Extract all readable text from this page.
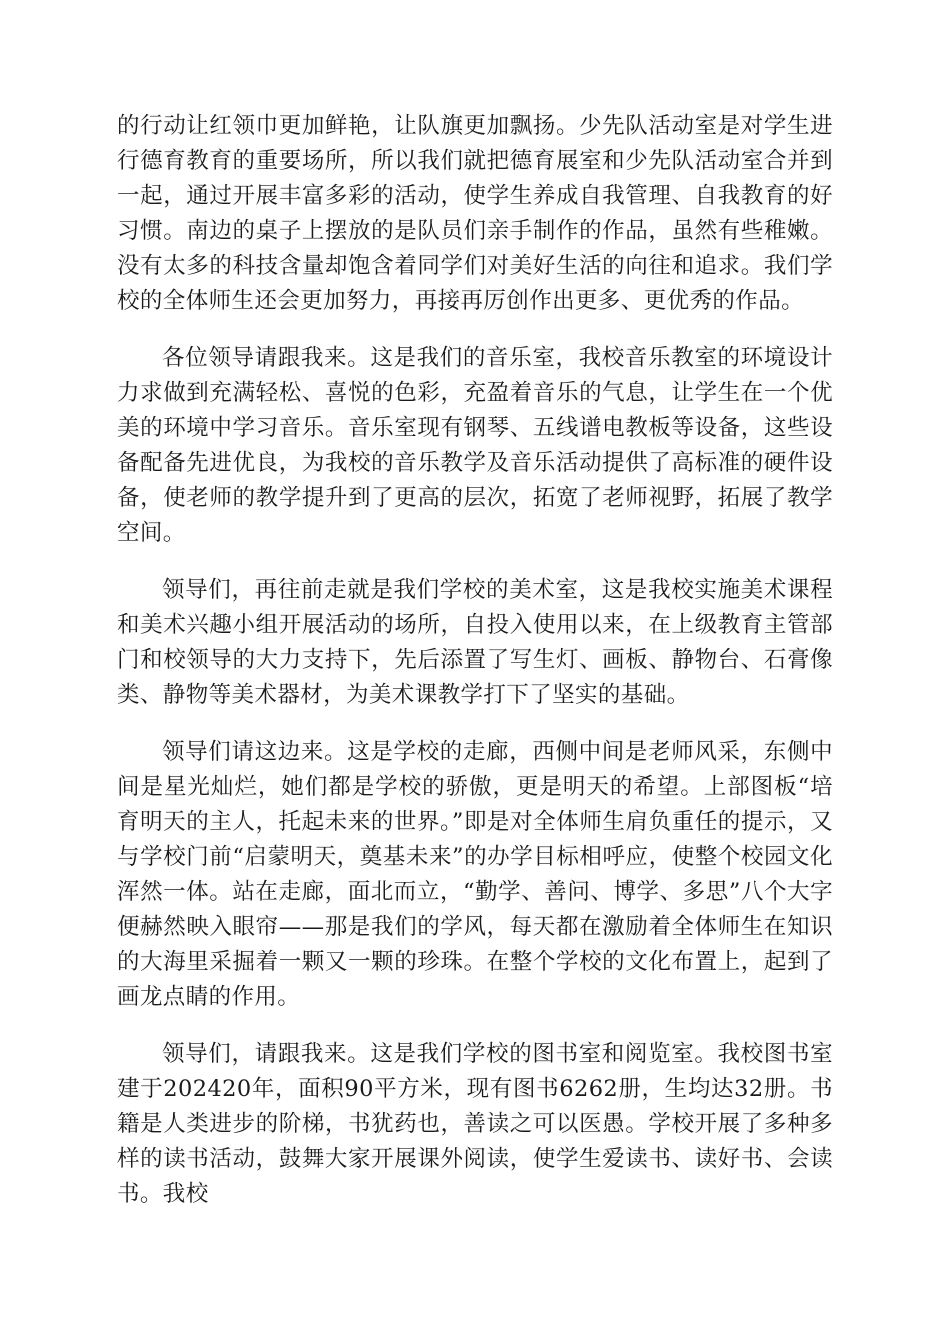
的行动让红领巾更加鲜艳，让队旗更加飘扬。少先队活动室是对学生进行德育教育的重要场所，所以我们就把德育展室和少先队活动室合并到一起，通过开展丰富多彩的活动，使学生养成自我管理、自我教育的好习惯。南边的桌子上摆放的是队员们亲手制作的作品，虽然有些稚嫩。没有太多的科技含量却饱含着同学们对美好生活的向往和追求。我们学校的全体师生还会更加努力，再接再厉创作出更多、更优秀的作品。

各位领导请跟我来。这是我们的音乐室，我校音乐教室的环境设计力求做到充满轻松、喜悦的色彩，充盈着音乐的气息，让学生在一个优美的环境中学习音乐。音乐室现有钢琴、五线谱电教板等设备，这些设备配备先进优良，为我校的音乐教学及音乐活动提供了高标准的硬件设备，使老师的教学提升到了更高的层次，拓宽了老师视野，拓展了教学空间。

领导们，再往前走就是我们学校的美术室，这是我校实施美术课程和美术兴趣小组开展活动的场所，自投入使用以来，在上级教育主管部门和校领导的大力支持下，先后添置了写生灯、画板、静物台、石膏像类、静物等美术器材，为美术课教学打下了坚实的基础。

领导们请这边来。这是学校的走廊，西侧中间是老师风采，东侧中间是星光灿烂，她们都是学校的骄傲，更是明天的希望。上部图板“培育明天的主人，托起未来的世界。”即是对全体师生肩负重任的提示，又与学校门前“启蒙明天，奠基未来”的办学目标相呼应，使整个校园文化浑然一体。站在走廊，面北而立，“勤学、善问、博学、多思”八个大字便赫然映入眼帘——那是我们的学风，每天都在激励着全体师生在知识的大海里采掘着一颗又一颗的珍珠。在整个学校的文化布置上，起到了画龙点睛的作用。

领导们，请跟我来。这是我们学校的图书室和阅览室。我校图书室建于202420年，面积90平方米，现有图书6262册，生均达32册。书籍是人类进步的阶梯，书犹药也，善读之可以医愚。学校开展了多种多样的读书活动，鼓舞大家开展课外阅读，使学生爱读书、读好书、会读书。我校
